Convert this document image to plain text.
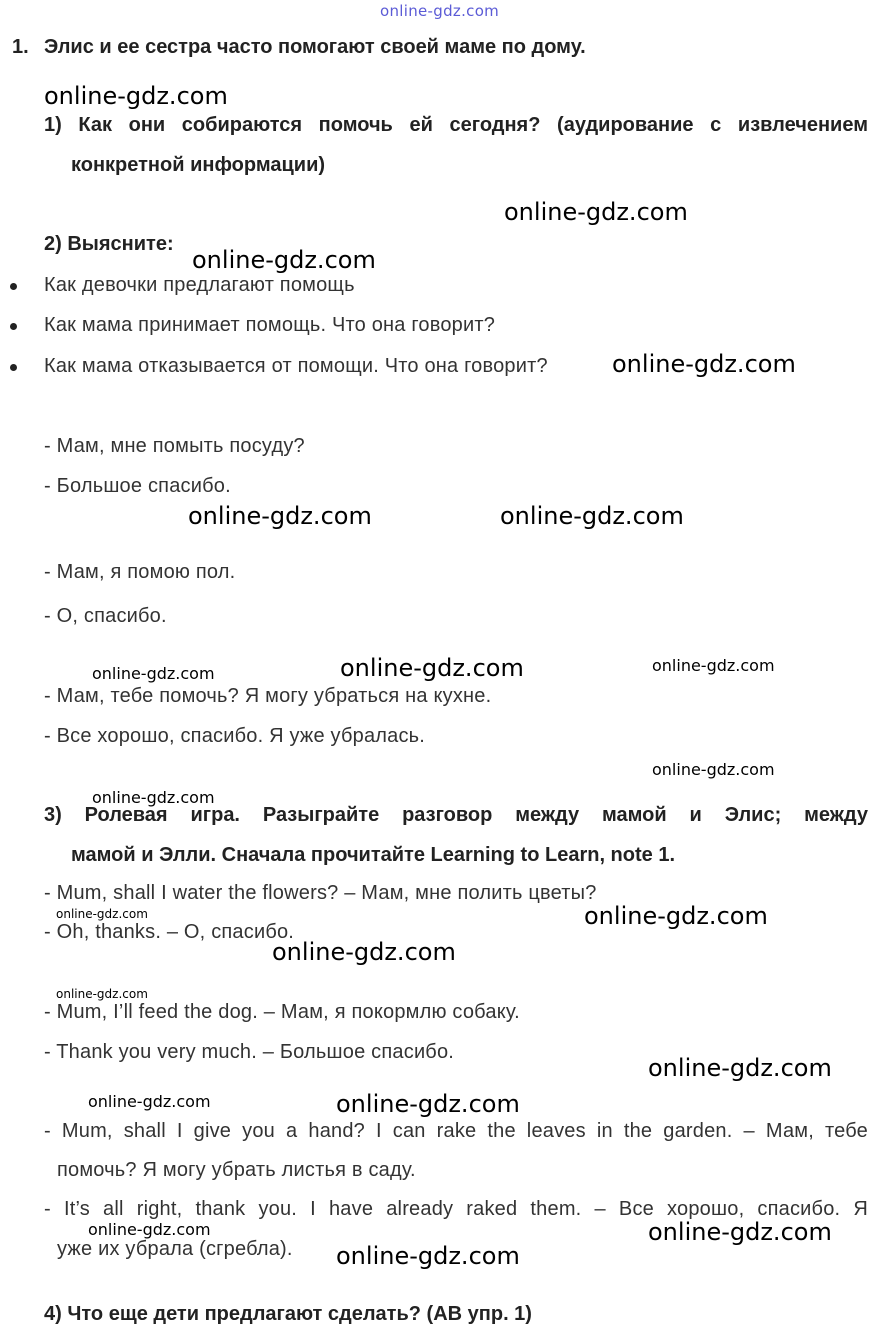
online-gdz.com
1. Элис и ее сестра часто помогают своей маме по дому.
1) Как они собираются помочь ей сегодня? (аудирование с извлечением
конкретной информации)
2) Выясните:
Как девочки предлагают помощь
Как мама принимает помощь. Что она говорит?
Как мама отказывается от помощи. Что она говорит?
- Мам, мне помыть посуду?
- Большое спасибо.
- Мам, я помою пол.
- О, спасибо.
- Мам, тебе помочь? Я могу убраться на кухне.
- Все хорошо, спасибо. Я уже убралась.
3) Ролевая игра. Разыграйте разговор между мамой и Элис; между
мамой и Элли. Сначала прочитайте Learning to Learn, note 1.
- Mum, shall I water the flowers? – Мам, мне полить цветы?
- Oh, thanks. – О, спасибо.
- Mum, I’ll feed the dog. – Мам, я покормлю собаку.
- Thank you very much. – Большое спасибо.
- Mum, shall I give you a hand? I can rake the leaves in the garden. – Мам, тебе
помочь? Я могу убрать листья в саду.
- It’s all right, thank you. I have already raked them. – Все хорошо, спасибо. Я
уже их убрала (сгребла).
4) Что еще дети предлагают сделать? (AB упр. 1)
online-gdz.com
online-gdz.com
online-gdz.com
online-gdz.com
online-gdz.com	online-gdz.com
online-gdz.com	online-gdz.com	online-gdz.com
online-gdz.com
online-gdz.com
online-gdz.com	online-gdz.com
online-gdz.com
online-gdz.com
online-gdz.com
online-gdz.com	online-gdz.com
online-gdz.com	online-gdz.com
online-gdz.com
